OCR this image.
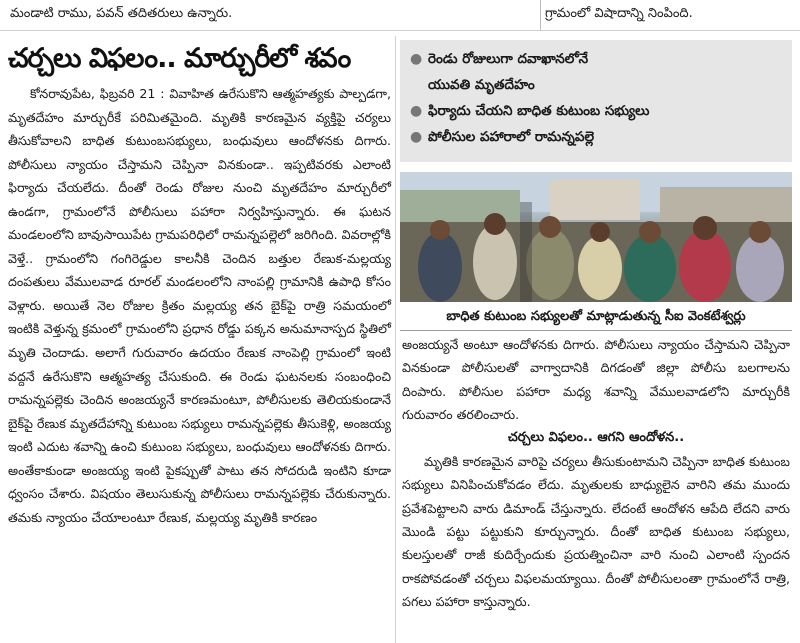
మండాటి రాము, పవన్ తదితరులు ఉన్నారు.	గ్రామంలో విషాదాన్ని నింపింది.
చర్చలు విఫలం.. మార్చురీలో శవం

కోనరావుపేట, ఫిబ్రవరి 21 : వివాహిత ఉరేసుకొని ఆత్మహత్యకు పాల్పడగా, మృతదేహం మార్చురీకే పరిమితమైంది. మృతికి కారణమైన వ్యక్తిపై చర్యలు తీసుకోవాలని బాధిత కుటుంబసభ్యులు, బంధువులు ఆందోళనకు దిగారు. పోలీసులు న్యాయం చేస్తామని చెప్పినా వినకుండా.. ఇప్పటివరకు ఎలాంటి ఫిర్యాదు చేయలేదు. దీంతో రెండు రోజుల నుంచి మృతదేహం మార్చురీలో ఉండగా, గ్రామంలోనే పోలీసులు పహారా నిర్వహిస్తున్నారు. ఈ ఘటన మండలంలోని బావుసాయిపేట గ్రామపరిధిలో రామన్నపల్లెలో జరిగింది. వివరాల్లోకి వెళ్తే.. గ్రామంలోని గంగిరెడ్డుల కాలనీకి చెందిన బత్తుల రేణుక-మల్లయ్య దంపతులు వేములవాడ రూరల్ మండలంలోని నాంపల్లి గ్రామానికి ఉపాధి కోసం వెళ్లారు. అయితే నెల రోజుల క్రితం మల్లయ్య తన బైక్‌పై రాత్రి సమయంలో ఇంటికి వెళ్తున్న క్రమంలో గ్రామంలోని ప్రధాన రోడ్డు పక్కన అనుమానాస్పద స్థితిలో మృతి చెందాడు. అలాగే గురువారం ఉదయం రేణుక నాంపెల్లి గ్రామంలో ఇంటి వద్దనే ఉరేసుకొని ఆత్మహత్య చేసుకుంది. ఈ రెండు ఘటనలకు సంబంధించి రామన్నపల్లెకు చెందిన అంజయ్యనే కారణమంటూ, పోలీసులకు తెలియకుండానే బైక్‌పై రేణుక మృతదేహాన్ని కుటుంబ సభ్యులు రామన్నపల్లెకు తీసుకెళ్లి, అంజయ్య ఇంటి ఎదుట శవాన్ని ఉంచి కుటుంబ సభ్యులు, బంధువులు ఆందోళనకు దిగారు. అంతేకాకుండా అంజయ్య ఇంటి పైకప్పుతో పాటు తన సోదరుడి ఇంటిని కూడా ధ్వంసం చేశారు. విషయం తెలుసుకున్న పోలీసులు రామన్నపల్లెకు చేరుకున్నారు. తమకు న్యాయం చేయాలంటూ రేణుక, మల్లయ్య మృతికి కారణం

● రెండు రోజులుగా దవాఖానలోనే
యువతి మృతదేహం
● ఫిర్యాదు చేయని బాధిత కుటుంబ సభ్యులు
● పోలీసుల పహారాలో రామన్నపల్లె
బాధిత కుటుంబ సభ్యులతో మాట్లాడుతున్న సీఐ వెంకటేశ్వర్లు

అంజయ్యనే అంటూ ఆందోళనకు దిగారు. పోలీసులు న్యాయం చేస్తామని చెప్పినా వినకుండా పోలీసులతో వాగ్వాదానికి దిగడంతో జిల్లా పోలీసు బలగాలను దింపారు. పోలీసుల పహారా మధ్య శవాన్ని వేములవాడలోని మార్చురీకి గురువారం తరలించారు.

చర్చలు విఫలం.. ఆగని ఆందోళన..

మృతికి కారణమైన వారిపై చర్యలు తీసుకుంటామని చెప్పినా బాధిత కుటుంబ సభ్యులు వినిపించుకోవడం లేదు. మృతులకు బాధ్యులైన వారిని తమ ముందు ప్రవేశపెట్టాలని వారు డిమాండ్ చేస్తున్నారు. లేదంటే ఆందోళన ఆపేది లేదని వారు మొండి పట్టు పట్టుకుని కూర్చున్నారు. దీంతో బాధిత కుటుంబ సభ్యులు, కులస్తులతో రాజీ కుదిర్చేందుకు ప్రయత్నించినా వారి నుంచి ఎలాంటి స్పందన రాకపోవడంతో చర్చలు విఫలమయ్యాయి. దీంతో పోలీసులంతా గ్రామంలోనే రాత్రి, పగలు పహారా కాస్తున్నారు.
